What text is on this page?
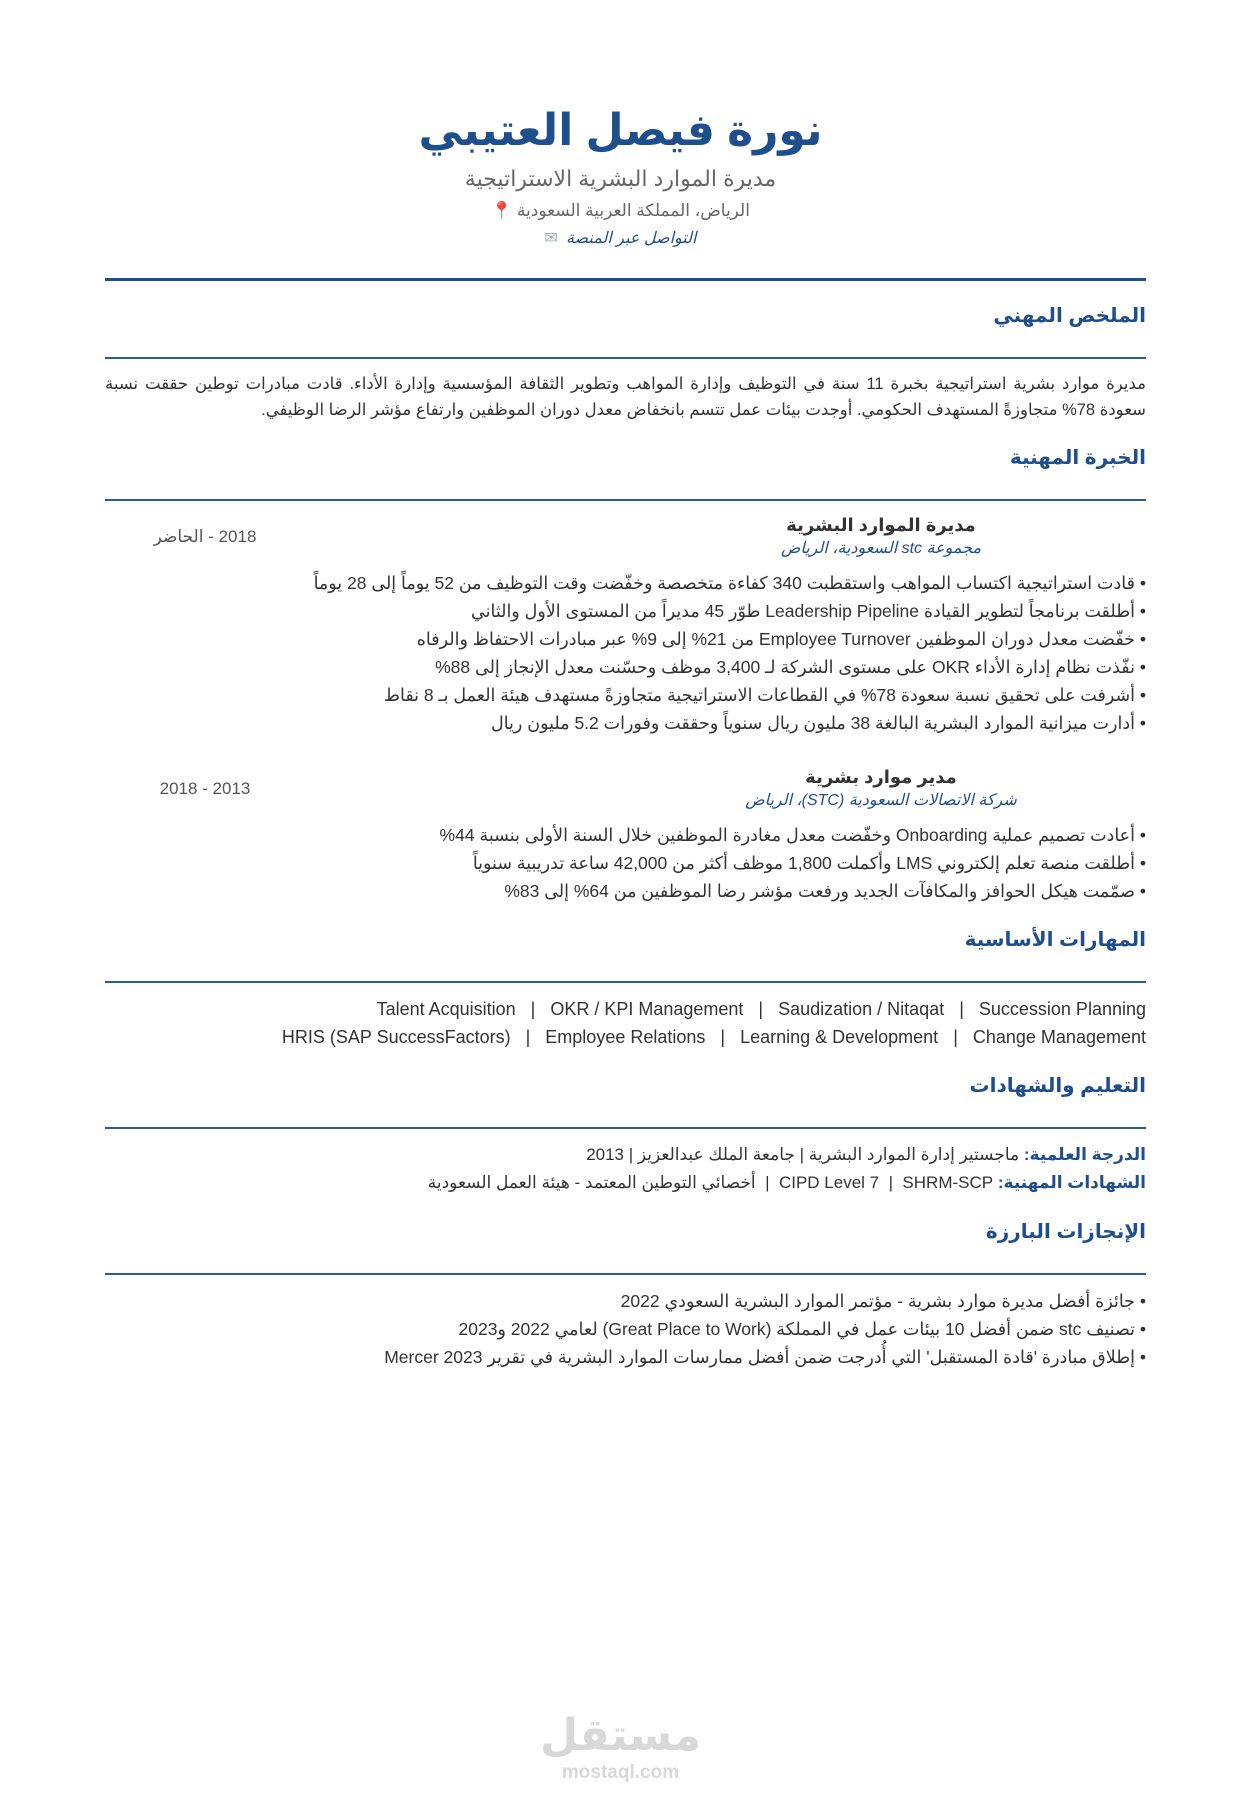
نورة فيصل العتيبي
مديرة الموارد البشرية الاستراتيجية
الرياض، المملكة العربية السعودية 📍
التواصل عبر المنصة✉
الملخص المهني
مديرة موارد بشرية استراتيجية بخبرة 11 سنة في التوظيف وإدارة المواهب وتطوير الثقافة المؤسسية وإدارة الأداء. قادت مبادرات توطين حققت نسبة سعودة 78% متجاوزةً المستهدف الحكومي. أوجدت بيئات عمل تتسم بانخفاض معدل دوران الموظفين وارتفاع مؤشر الرضا الوظيفي.
الخبرة المهنية
مديرة الموارد البشرية
مجموعة stc السعودية، الرياض
2018 - الحاضر
• قادت استراتيجية اكتساب المواهب واستقطبت 340 كفاءة متخصصة وخفّضت وقت التوظيف من 52 يوماً إلى 28 يوماً
• أطلقت برنامجاً لتطوير القيادة Leadership Pipeline طوّر 45 مديراً من المستوى الأول والثاني
• خفّضت معدل دوران الموظفين Employee Turnover من 21% إلى 9% عبر مبادرات الاحتفاظ والرفاه
• نفّذت نظام إدارة الأداء OKR على مستوى الشركة لـ 3,400 موظف وحسّنت معدل الإنجاز إلى 88%
• أشرفت على تحقيق نسبة سعودة 78% في القطاعات الاستراتيجية متجاوزةً مستهدف هيئة العمل بـ 8 نقاط
• أدارت ميزانية الموارد البشرية البالغة 38 مليون ريال سنوياً وحققت وفورات 5.2 مليون ريال
مدير موارد بشرية
شركة الاتصالات السعودية (STC)، الرياض
2013 - 2018
• أعادت تصميم عملية Onboarding وخفّضت معدل مغادرة الموظفين خلال السنة الأولى بنسبة 44%
• أطلقت منصة تعلم إلكتروني LMS وأكملت 1,800 موظف أكثر من 42,000 ساعة تدريبية سنوياً
• صمّمت هيكل الحوافز والمكافآت الجديد ورفعت مؤشر رضا الموظفين من 64% إلى 83%
المهارات الأساسية
Talent Acquisition   |   OKR / KPI Management   |   Saudization / Nitaqat   |   Succession Planning
HRIS (SAP SuccessFactors)   |   Employee Relations   |   Learning & Development   |   Change Management
التعليم والشهادات
الدرجة العلمية: ماجستير إدارة الموارد البشرية | جامعة الملك عبدالعزيز | 2013
الشهادات المهنية: CIPD Level 7  |  SHRM-SCP  |  أخصائي التوطين المعتمد - هيئة العمل السعودية
الإنجازات البارزة
• جائزة أفضل مديرة موارد بشرية - مؤتمر الموارد البشرية السعودي 2022
• تصنيف stc ضمن أفضل 10 بيئات عمل في المملكة (Great Place to Work) لعامي 2022 و2023
• إطلاق مبادرة 'قادة المستقبل' التي أُدرجت ضمن أفضل ممارسات الموارد البشرية في تقرير Mercer 2023
مستقل
mostaql.com
